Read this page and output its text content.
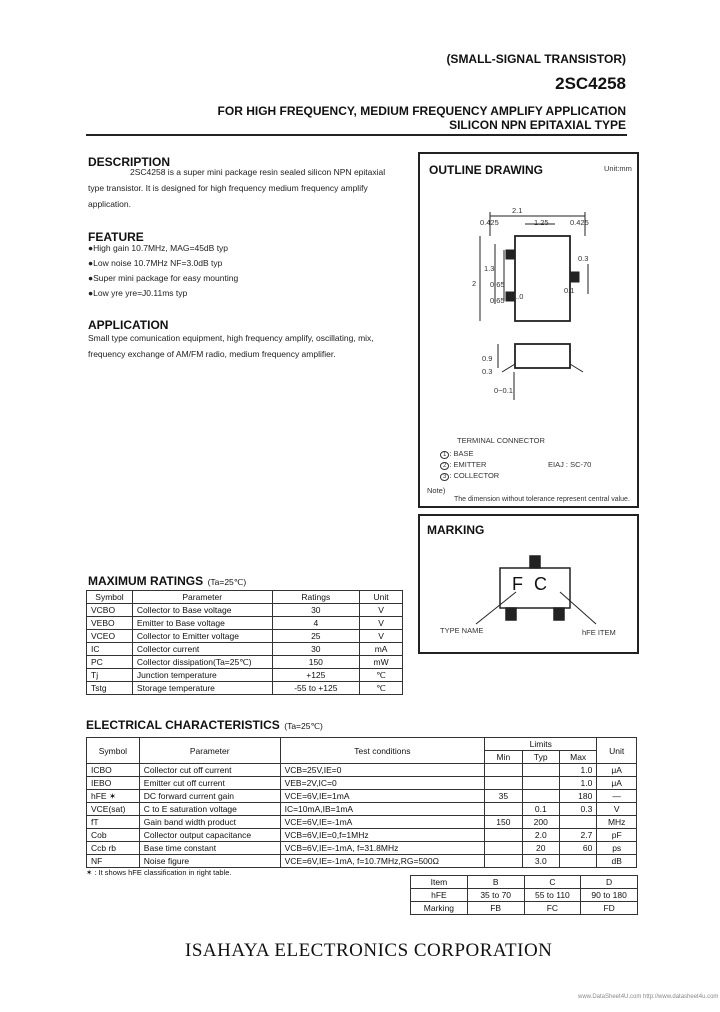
(SMALL-SIGNAL TRANSISTOR)
2SC4258
FOR HIGH FREQUENCY, MEDIUM FREQUENCY AMPLIFY APPLICATION
SILICON NPN EPITAXIAL TYPE
DESCRIPTION
2SC4258 is a super mini package resin sealed silicon NPN epitaxial
type transistor. It is designed for high frequency medium frequency amplify
application.
FEATURE
●High gain 10.7MHz, MAG=45dB typ
●Low noise 10.7MHz NF=3.0dB typ
●Super mini package for easy mounting
●Low yre yre=J0.11ms typ
APPLICATION
Small type comunication equipment, high frequency amplify, oscillating, mix,
frequency exchange of AM/FM radio, medium frequency amplifier.
OUTLINE DRAWING	Unit:mm
2.1
0.425	1.25	0.425
2
1.3
0.65
0.65 1.0
0.3
0.1
0.9
0.3
0~0.1
TERMINAL CONNECTOR
1 : BASE
2 : EMITTER
3 : COLLECTOR
EIAJ : SC-70
Note)
The dimension without tolerance represent central value.
MARKING
F C
TYPE NAME	hFE ITEM
MAXIMUM RATINGS (Ta=25℃)
Symbol	Parameter	Ratings	Unit
VCBO	Collector to Base voltage	30	V
VEBO	Emitter to Base voltage	4	V
VCEO	Collector to Emitter voltage	25	V
IC	Collector current	30	mA
PC	Collector dissipation(Ta=25℃)	150	mW
Tj	Junction temperature	+125	℃
Tstg	Storage temperature	-55 to +125	℃
ELECTRICAL CHARACTERISTICS (Ta=25℃)
Symbol	Parameter	Test conditions	Limits			Unit
			Min	Typ	Max	
ICBO	Collector cut off current	VCB=25V,IE=0			1.0	μA
IEBO	Emitter cut off current	VEB=2V,IC=0			1.0	μA
hFE ✶	DC forward current gain	VCE=6V,IE=1mA	35		180	—
VCE(sat)	C to E saturation voltage	IC=10mA,IB=1mA		0.1	0.3	V
fT	Gain band width product	VCE=6V,IE=-1mA	150	200		MHz
Cob	Collector output capacitance	VCB=6V,IE=0,f=1MHz		2.0	2.7	pF
Ccb rb	Base time constant	VCB=6V,IE=-1mA, f=31.8MHz		20	60	ps
NF	Noise figure	VCE=6V,IE=-1mA, f=10.7MHz,RG=500Ω		3.0		dB
✶ : It shows hFE classification in right table.
Item	B	C	D
hFE	35 to 70	55 to 110	90 to 180
Marking	FB	FC	FD
ISAHAYA ELECTRONICS CORPORATION
www.DataSheet4U.com http://www.datasheet4u.com
